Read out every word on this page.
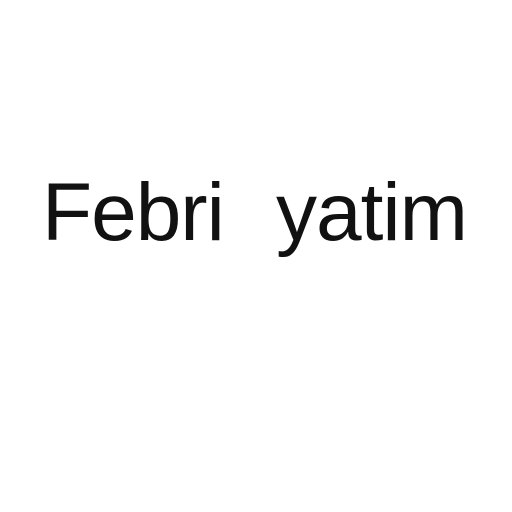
Febri yatim
